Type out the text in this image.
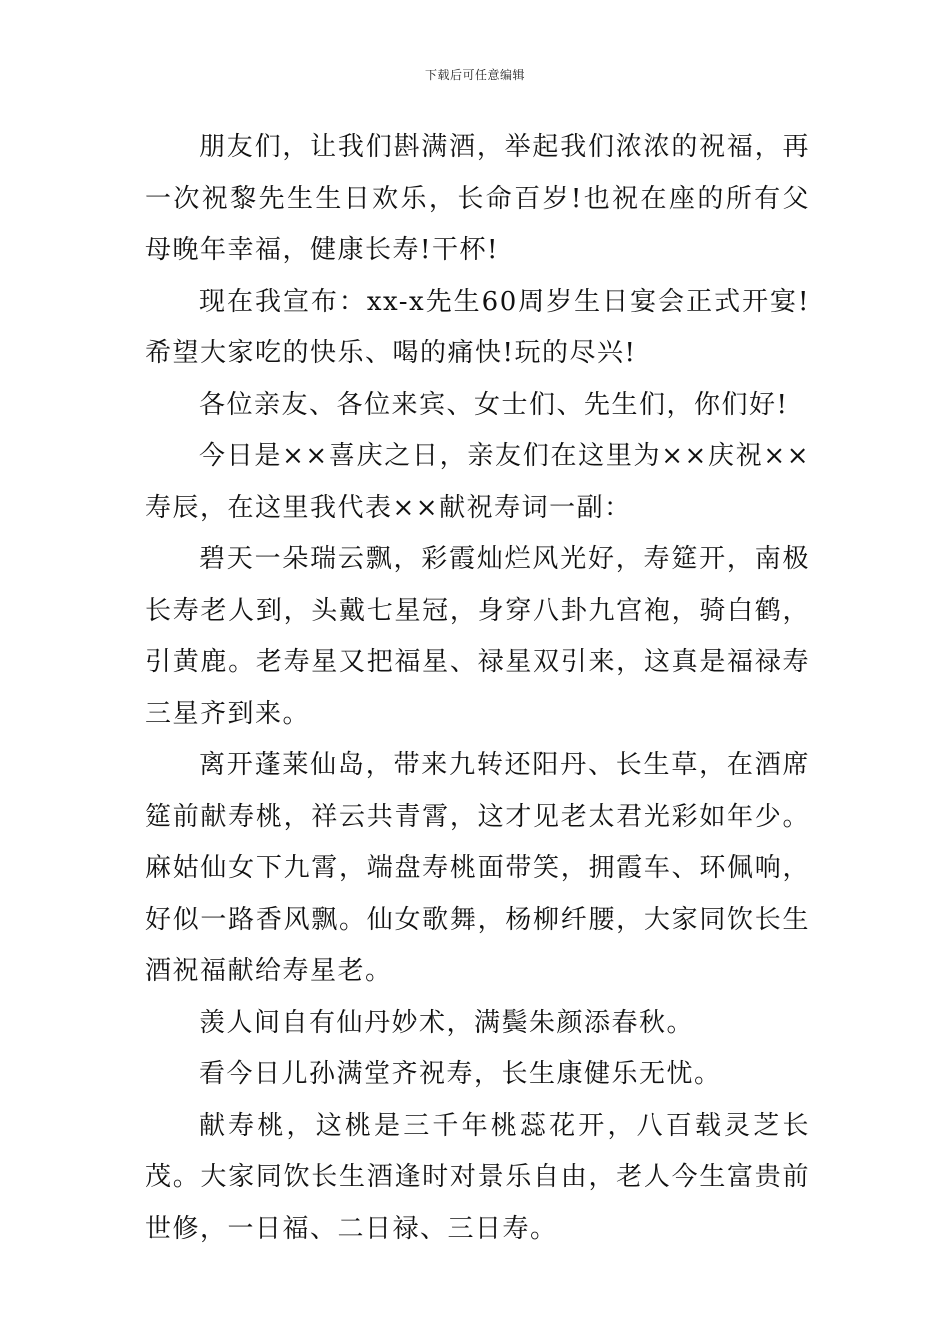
下载后可任意编辑

朋友们，让我们斟满酒，举起我们浓浓的祝福，再一次祝黎先生生日欢乐，长命百岁!也祝在座的所有父母晚年幸福，健康长寿!干杯!

现在我宣布：xx-x先生60周岁生日宴会正式开宴!希望大家吃的快乐、喝的痛快!玩的尽兴!

各位亲友、各位来宾、女士们、先生们，你们好!

今日是××喜庆之日，亲友们在这里为××庆祝××寿辰，在这里我代表××献祝寿词一副：

碧天一朵瑞云飘，彩霞灿烂风光好，寿筵开，南极长寿老人到，头戴七星冠，身穿八卦九宫袍，骑白鹤，引黄鹿。老寿星又把福星、禄星双引来，这真是福禄寿三星齐到来。

离开蓬莱仙岛，带来九转还阳丹、长生草，在酒席筵前献寿桃，祥云共青霄，这才见老太君光彩如年少。麻姑仙女下九霄，端盘寿桃面带笑，拥霞车、环佩响，好似一路香风飘。仙女歌舞，杨柳纤腰，大家同饮长生酒祝福献给寿星老。

羡人间自有仙丹妙术，满鬓朱颜添春秋。

看今日儿孙满堂齐祝寿，长生康健乐无忧。

献寿桃，这桃是三千年桃蕊花开，八百载灵芝长茂。大家同饮长生酒逢时对景乐自由，老人今生富贵前世修，一日福、二日禄、三日寿。
